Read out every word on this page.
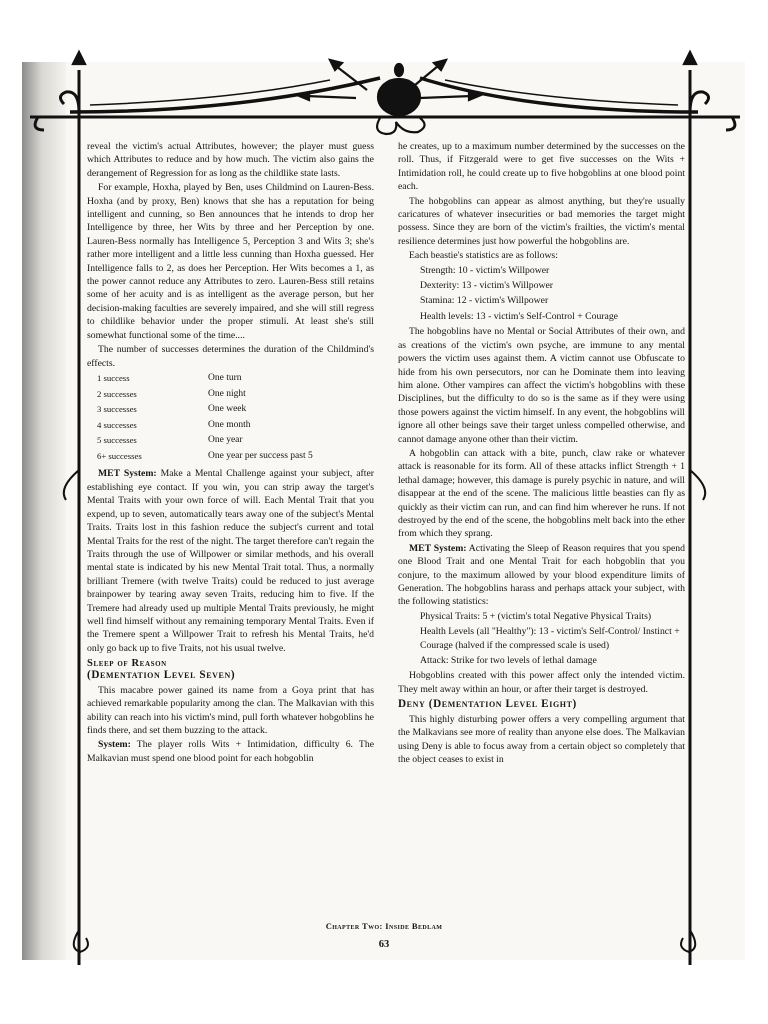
reveal the victim's actual Attributes, however; the player must guess which Attributes to reduce and by how much. The victim also gains the derangement of Regression for as long as the childlike state lasts.

For example, Hoxha, played by Ben, uses Childmind on Lauren-Bess. Hoxha (and by proxy, Ben) knows that she has a reputation for being intelligent and cunning, so Ben announces that he intends to drop her Intelligence by three, her Wits by three and her Perception by one. Lauren-Bess normally has Intelligence 5, Perception 3 and Wits 3; she's rather more intelligent and a little less cunning than Hoxha guessed. Her Intelligence falls to 2, as does her Perception. Her Wits becomes a 1, as the power cannot reduce any Attributes to zero. Lauren-Bess still retains some of her acuity and is as intelligent as the average person, but her decision-making faculties are severely impaired, and she will still regress to childlike behavior under the proper stimuli. At least she's still somewhat functional some of the time....

The number of successes determines the duration of the Childmind's effects.

1 success	One turn
2 successes	One night
3 successes	One week
4 successes	One month
5 successes	One year
6+ successes	One year per success past 5

MET System: Make a Mental Challenge against your subject, after establishing eye contact. If you win, you can strip away the target's Mental Traits with your own force of will. Each Mental Trait that you expend, up to seven, automatically tears away one of the subject's Mental Traits. Traits lost in this fashion reduce the subject's current and total Mental Traits for the rest of the night. The target therefore can't regain the Traits through the use of Willpower or similar methods, and his overall mental state is indicated by his new Mental Trait total. Thus, a normally brilliant Tremere (with twelve Traits) could be reduced to just average brainpower by tearing away seven Traits, reducing him to five. If the Tremere had already used up multiple Mental Traits previously, he might well find himself without any remaining temporary Mental Traits. Even if the Tremere spent a Willpower Trait to refresh his Mental Traits, he'd only go back up to five Traits, not his usual twelve.

Sleep of Reason
(Dementation Level Seven)

This macabre power gained its name from a Goya print that has achieved remarkable popularity among the clan. The Malkavian with this ability can reach into his victim's mind, pull forth whatever hobgoblins he finds there, and set them buzzing to the attack.

System: The player rolls Wits + Intimidation, difficulty 6. The Malkavian must spend one blood point for each hobgoblin

he creates, up to a maximum number determined by the successes on the roll. Thus, if Fitzgerald were to get five successes on the Wits + Intimidation roll, he could create up to five hobgoblins at one blood point each.

The hobgoblins can appear as almost anything, but they're usually caricatures of whatever insecurities or bad memories the target might possess. Since they are born of the victim's frailties, the victim's mental resilience determines just how powerful the hobgoblins are.

Each beastie's statistics are as follows:

Strength: 10 - victim's Willpower

Dexterity: 13 - victim's Willpower

Stamina: 12 - victim's Willpower

Health levels: 13 - victim's Self-Control + Courage

The hobgoblins have no Mental or Social Attributes of their own, and as creations of the victim's own psyche, are immune to any mental powers the victim uses against them. A victim cannot use Obfuscate to hide from his own persecutors, nor can he Dominate them into leaving him alone. Other vampires can affect the victim's hobgoblins with these Disciplines, but the difficulty to do so is the same as if they were using those powers against the victim himself. In any event, the hobgoblins will ignore all other beings save their target unless compelled otherwise, and cannot damage anyone other than their victim.

A hobgoblin can attack with a bite, punch, claw rake or whatever attack is reasonable for its form. All of these attacks inflict Strength + 1 lethal damage; however, this damage is purely psychic in nature, and will disappear at the end of the scene. The malicious little beasties can fly as quickly as their victim can run, and can find him wherever he runs. If not destroyed by the end of the scene, the hobgoblins melt back into the ether from which they sprang.

MET System: Activating the Sleep of Reason requires that you spend one Blood Trait and one Mental Trait for each hobgoblin that you conjure, to the maximum allowed by your blood expenditure limits of Generation. The hobgoblins harass and perhaps attack your subject, with the following statistics:

Physical Traits: 5 + (victim's total Negative Physical Traits)

Health Levels (all "Healthy"): 13 - victim's Self-Control/ Instinct +

Courage (halved if the compressed scale is used)

Attack: Strike for two levels of lethal damage

Hobgoblins created with this power affect only the intended victim. They melt away within an hour, or after their target is destroyed.

Deny (Dementation Level Eight)

This highly disturbing power offers a very compelling argument that the Malkavians see more of reality than anyone else does. The Malkavian using Deny is able to focus away from a certain object so completely that the object ceases to exist in

Chapter Two: Inside Bedlam
63
